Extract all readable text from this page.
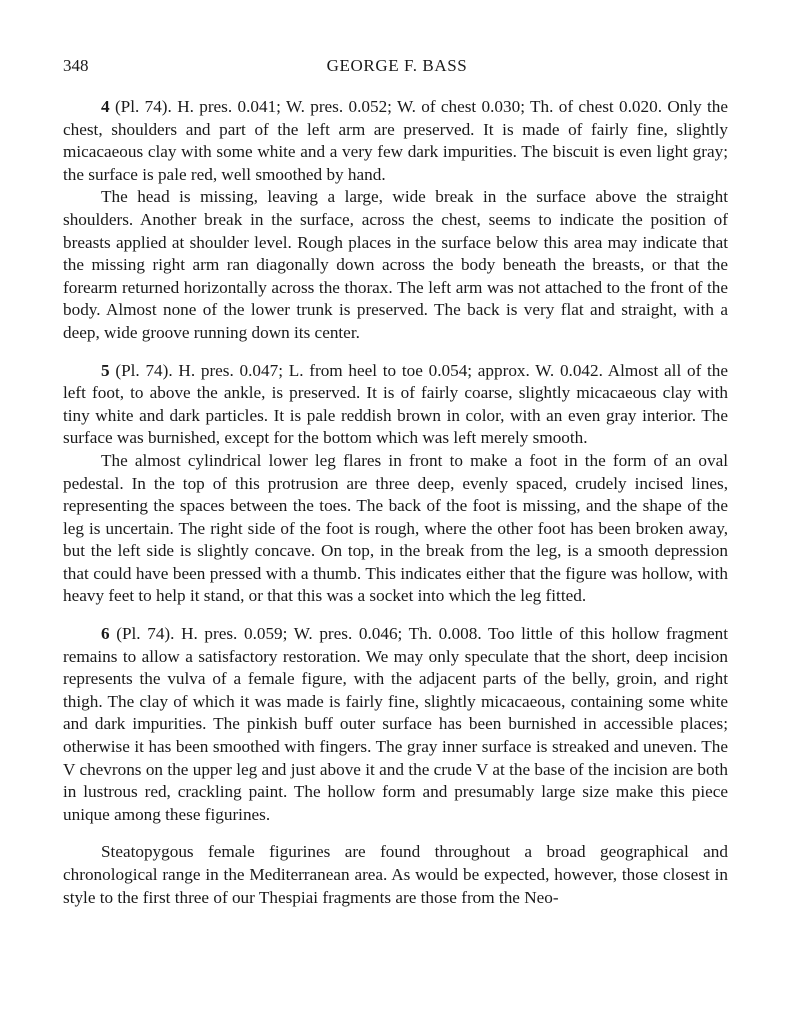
348	GEORGE F. BASS

4 (Pl. 74). H. pres. 0.041; W. pres. 0.052; W. of chest 0.030; Th. of chest 0.020. Only the chest, shoulders and part of the left arm are preserved. It is made of fairly fine, slightly micacaeous clay with some white and a very few dark impurities. The biscuit is even light gray; the surface is pale red, well smoothed by hand.

The head is missing, leaving a large, wide break in the surface above the straight shoulders. Another break in the surface, across the chest, seems to indicate the position of breasts applied at shoulder level. Rough places in the surface below this area may indicate that the missing right arm ran diagonally down across the body beneath the breasts, or that the forearm returned horizontally across the thorax. The left arm was not attached to the front of the body. Almost none of the lower trunk is preserved. The back is very flat and straight, with a deep, wide groove running down its center.

5 (Pl. 74). H. pres. 0.047; L. from heel to toe 0.054; approx. W. 0.042. Almost all of the left foot, to above the ankle, is preserved. It is of fairly coarse, slightly micacaeous clay with tiny white and dark particles. It is pale reddish brown in color, with an even gray interior. The surface was burnished, except for the bottom which was left merely smooth.

The almost cylindrical lower leg flares in front to make a foot in the form of an oval pedestal. In the top of this protrusion are three deep, evenly spaced, crudely incised lines, representing the spaces between the toes. The back of the foot is missing, and the shape of the leg is uncertain. The right side of the foot is rough, where the other foot has been broken away, but the left side is slightly concave. On top, in the break from the leg, is a smooth depression that could have been pressed with a thumb. This indicates either that the figure was hollow, with heavy feet to help it stand, or that this was a socket into which the leg fitted.

6 (Pl. 74). H. pres. 0.059; W. pres. 0.046; Th. 0.008. Too little of this hollow fragment remains to allow a satisfactory restoration. We may only speculate that the short, deep incision represents the vulva of a female figure, with the adjacent parts of the belly, groin, and right thigh. The clay of which it was made is fairly fine, slightly micacaeous, containing some white and dark impurities. The pinkish buff outer surface has been burnished in accessible places; otherwise it has been smoothed with fingers. The gray inner surface is streaked and uneven. The V chevrons on the upper leg and just above it and the crude V at the base of the incision are both in lustrous red, crackling paint. The hollow form and presumably large size make this piece unique among these figurines.

Steatopygous female figurines are found throughout a broad geographical and chronological range in the Mediterranean area. As would be expected, however, those closest in style to the first three of our Thespiai fragments are those from the Neo-
